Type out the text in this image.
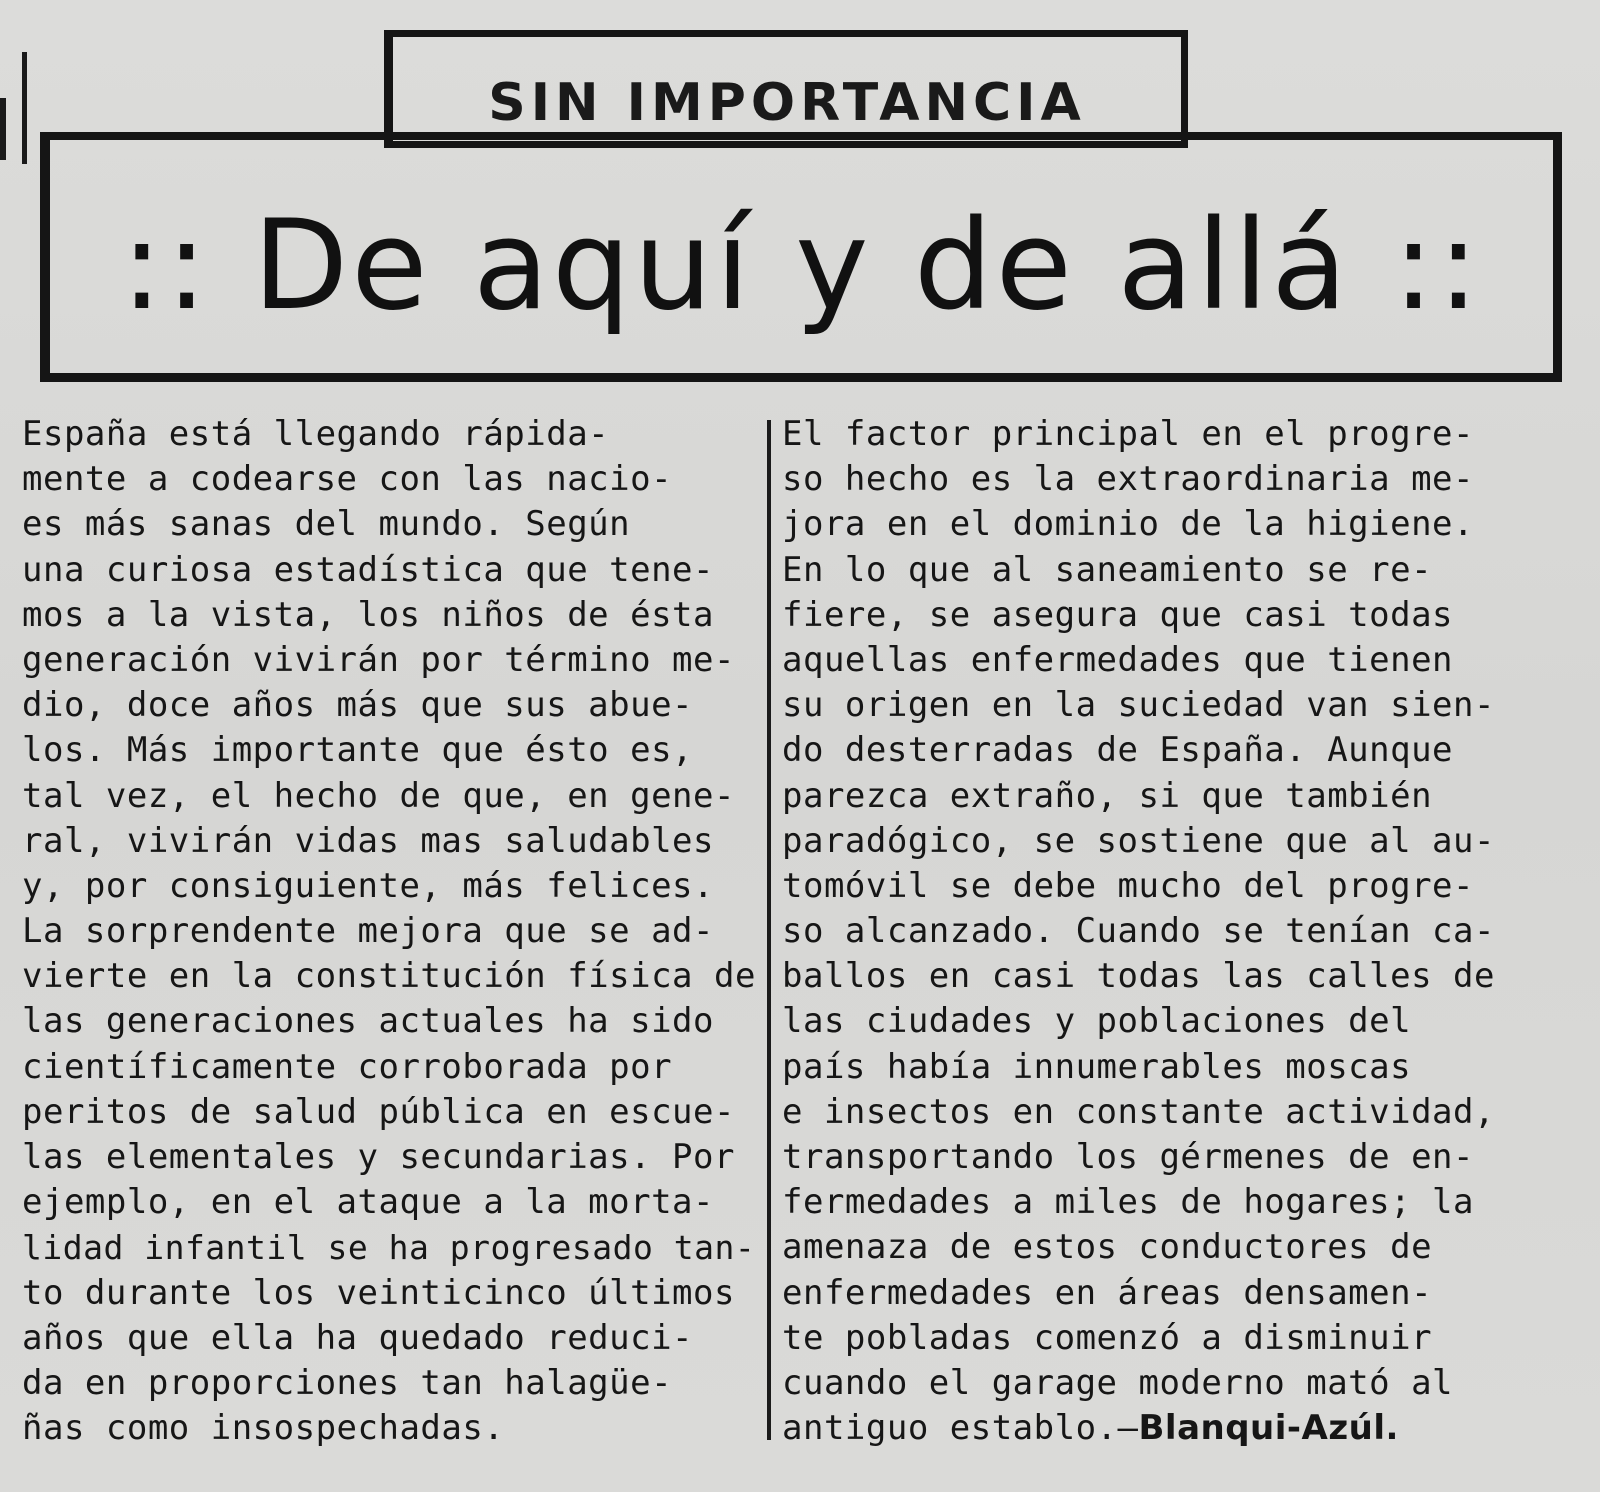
SIN IMPORTANCIA
:: De aquí y de allá ::
España está llegando rápida-
mente a codearse con las nacio-
es más sanas del mundo. Según
una curiosa estadística que tene-
mos a la vista, los niños de ésta
generación vivirán por término me-
dio, doce años más que sus abue-
los. Más importante que ésto es,
tal vez, el hecho de que, en gene-
ral, vivirán vidas mas saludables
y, por consiguiente, más felices.
La sorprendente mejora que se ad-
vierte en la constitución física de
las generaciones actuales ha sido
científicamente corroborada por
peritos de salud pública en escue-
las elementales y secundarias. Por
ejemplo, en el ataque a la morta-
lidad infantil se ha progresado tan-
to durante los veinticinco últimos
años que ella ha quedado reduci-
da en proporciones tan halagüe-
ñas como insospechadas.
El factor principal en el progre-
so hecho es la extraordinaria me-
jora en el dominio de la higiene.
En lo que al saneamiento se re-
fiere, se asegura que casi todas
aquellas enfermedades que tienen
su origen en la suciedad van sien-
do desterradas de España. Aunque
parezca extraño, si que también
paradógico, se sostiene que al au-
tomóvil se debe mucho del progre-
so alcanzado. Cuando se tenían ca-
ballos en casi todas las calles de
las ciudades y poblaciones del
país había innumerables moscas
e insectos en constante actividad,
transportando los gérmenes de en-
fermedades a miles de hogares; la
amenaza de estos conductores de
enfermedades en áreas densamen-
te pobladas comenzó a disminuir
cuando el garage moderno mató al
antiguo establo.—Blanqui-Azúl.
